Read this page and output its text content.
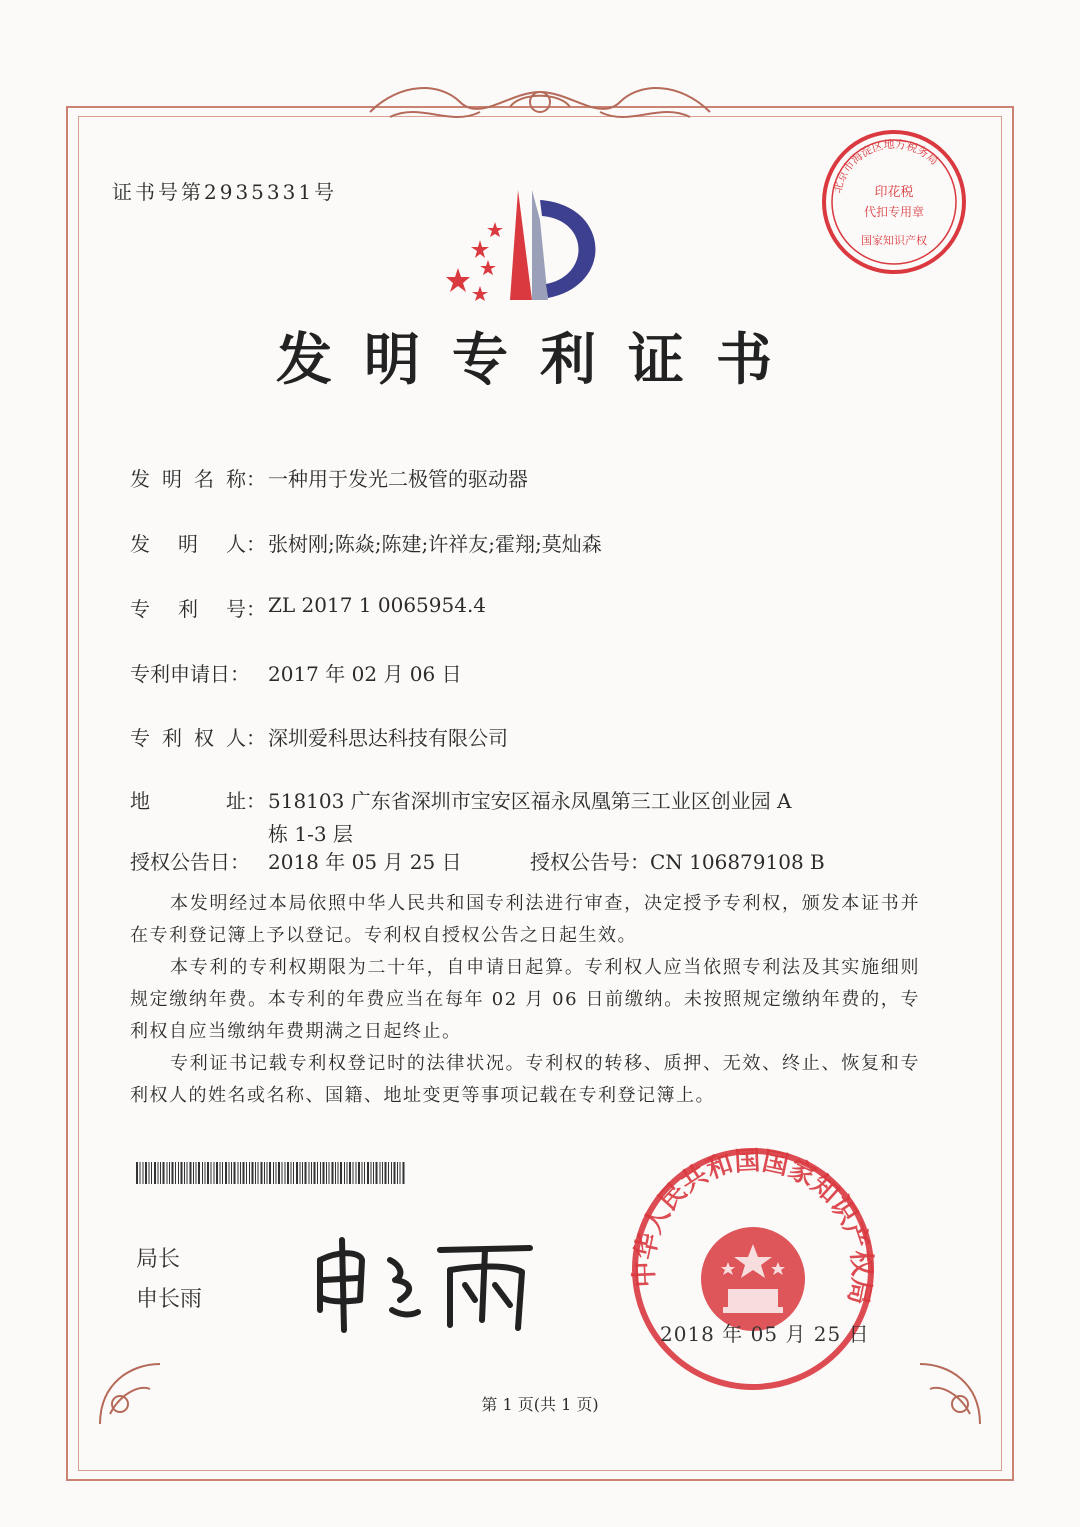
证书号第2935331号	北京市海淀区地方税务局
印花税
代扣专用章
国家知识产权
发明专利证书
发 明 名 称： 一种用于发光二极管的驱动器
发 明 人： 张树刚;陈焱;陈建;许祥友;霍翔;莫灿森
专 利 号： ZL 2017 1 0065954.4
专利申请日： 2017 年 02 月 06 日
专 利 权 人： 深圳爱科思达科技有限公司
地	址： 518103 广东省深圳市宝安区福永凤凰第三工业区创业园 A
栋 1-3 层
授权公告日： 2018 年 05 月 25 日	授权公告号：CN 106879108 B
本发明经过本局依照中华人民共和国专利法进行审查，决定授予专利权，颁发本证书并在专利登记簿上予以登记。专利权自授权公告之日起生效。
本专利的专利权期限为二十年，自申请日起算。专利权人应当依照专利法及其实施细则规定缴纳年费。本专利的年费应当在每年 02 月 06 日前缴纳。未按照规定缴纳年费的，专利权自应当缴纳年费期满之日起终止。
专利证书记载专利权登记时的法律状况。专利权的转移、质押、无效、终止、恢复和专利权人的姓名或名称、国籍、地址变更等事项记载在专利登记簿上。
局长
申长雨
中华人民共和国国家知识产权局
2018 年 05 月 25 日
第 1 页(共 1 页)
